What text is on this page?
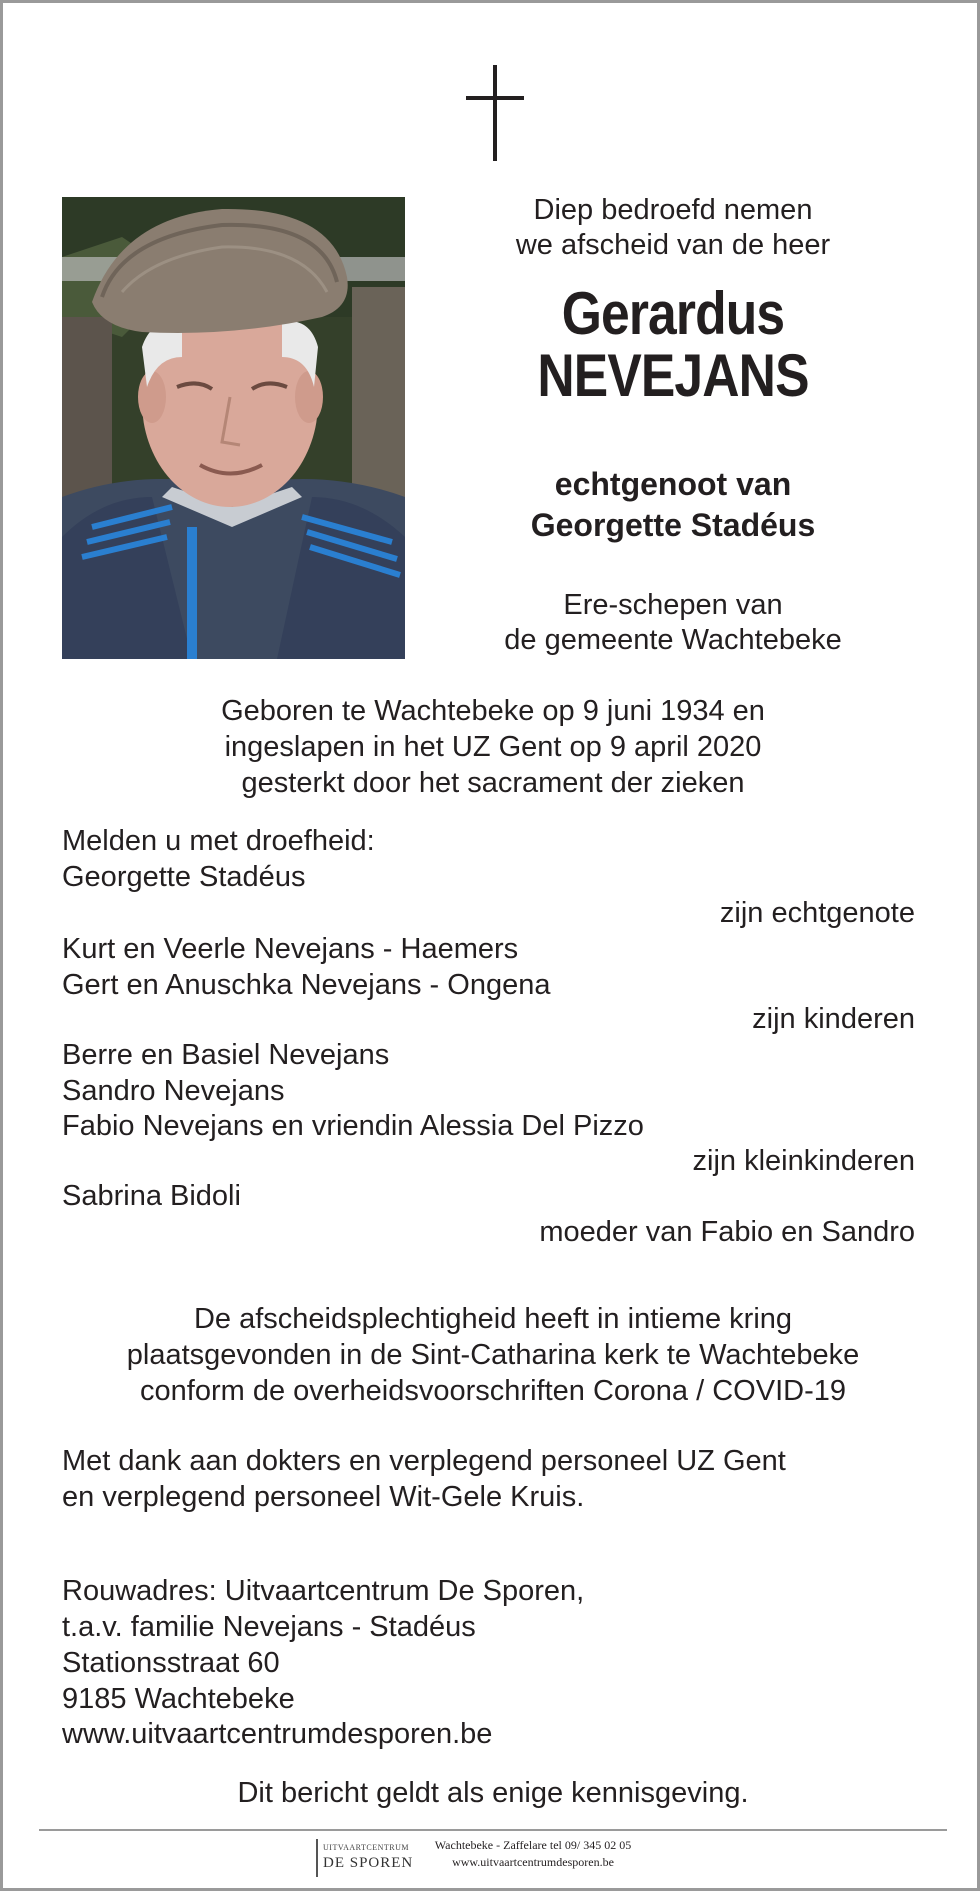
Diep bedroefd nemen
we afscheid van de heer
Gerardus
NEVEJANS
echtgenoot van
Georgette Stadéus
Ere-schepen van
de gemeente Wachtebeke
Geboren te Wachtebeke op 9 juni 1934 en
ingeslapen in het UZ Gent op 9 april 2020
gesterkt door het sacrament der zieken
Melden u met droefheid:
Georgette Stadéus
zijn echtgenote
Kurt en Veerle Nevejans - Haemers
Gert en Anuschka Nevejans - Ongena
zijn kinderen
Berre en Basiel Nevejans
Sandro Nevejans
Fabio Nevejans en vriendin Alessia Del Pizzo
zijn kleinkinderen
Sabrina Bidoli
moeder van Fabio en Sandro
De afscheidsplechtigheid heeft in intieme kring
plaatsgevonden in de Sint-Catharina kerk te Wachtebeke
conform de overheidsvoorschriften Corona / COVID-19
Met dank aan dokters en verplegend personeel UZ Gent
en verplegend personeel Wit-Gele Kruis.
Rouwadres: Uitvaartcentrum De Sporen,
t.a.v. familie Nevejans - Stadéus
Stationsstraat 60
9185 Wachtebeke
www.uitvaartcentrumdesporen.be
Dit bericht geldt als enige kennisgeving.
UITVAARTCENTRUM
DE SPOREN
Wachtebeke - Zaffelare tel 09/ 345 02 05
www.uitvaartcentrumdesporen.be
